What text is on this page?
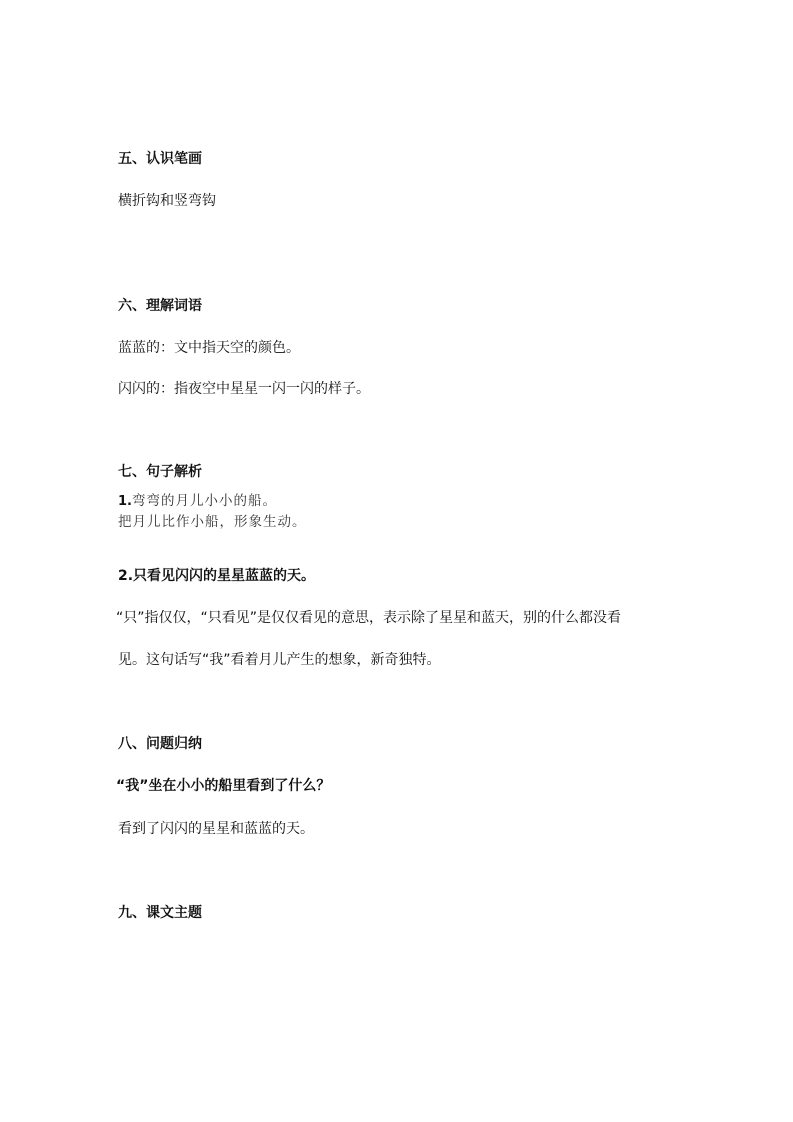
五、认识笔画
横折钩和竖弯钩
六、理解词语
蓝蓝的：文中指天空的颜色。
闪闪的：指夜空中星星一闪一闪的样子。
七、句子解析
1.弯弯的月儿小小的船。
把月儿比作小船，形象生动。
2.只看见闪闪的星星蓝蓝的天。
“只”指仅仅，“只看见”是仅仅看见的意思，表示除了星星和蓝天，别的什么都没看
见。这句话写“我”看着月儿产生的想象，新奇独特。
八、问题归纳
“我”坐在小小的船里看到了什么？
看到了闪闪的星星和蓝蓝的天。
九、课文主题
